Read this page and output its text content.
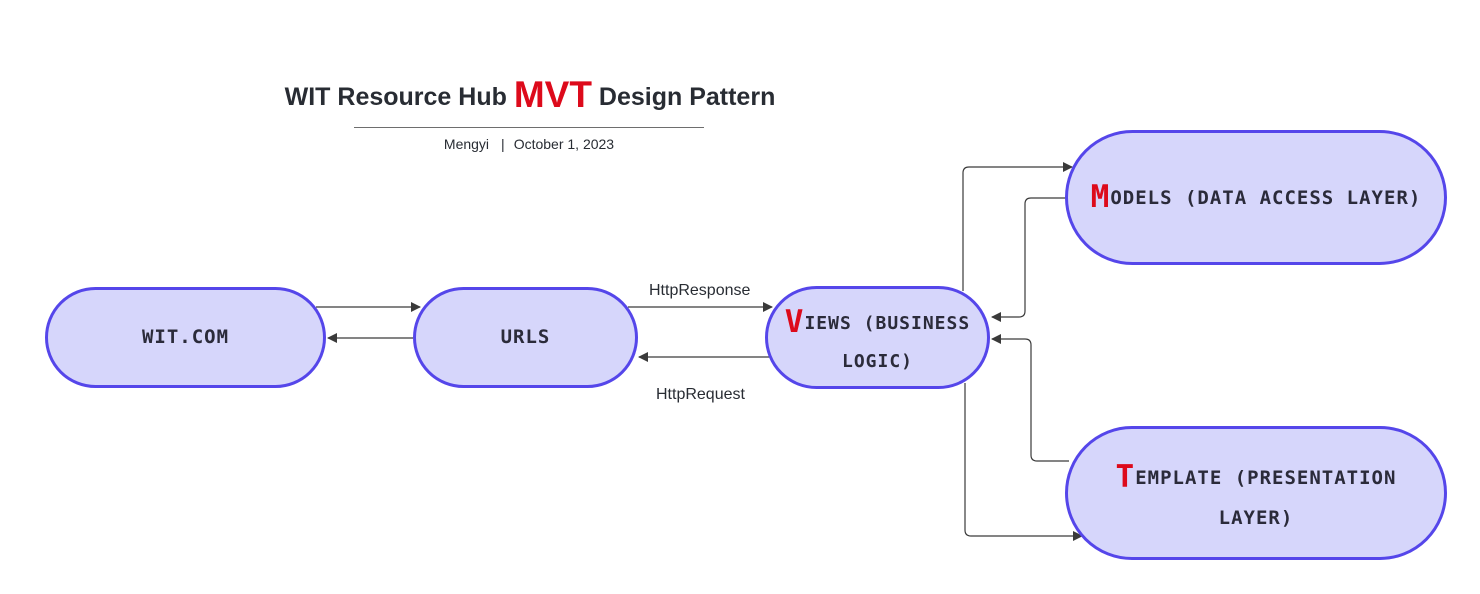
WIT Resource Hub MVT Design Pattern
Mengyi | October 1, 2023
HttpResponse
HttpRequest
WIT.COM	URLS	VIEWS (BUSINESS LOGIC)
MODELS (DATA ACCESS LAYER)
TEMPLATE (PRESENTATION LAYER)
